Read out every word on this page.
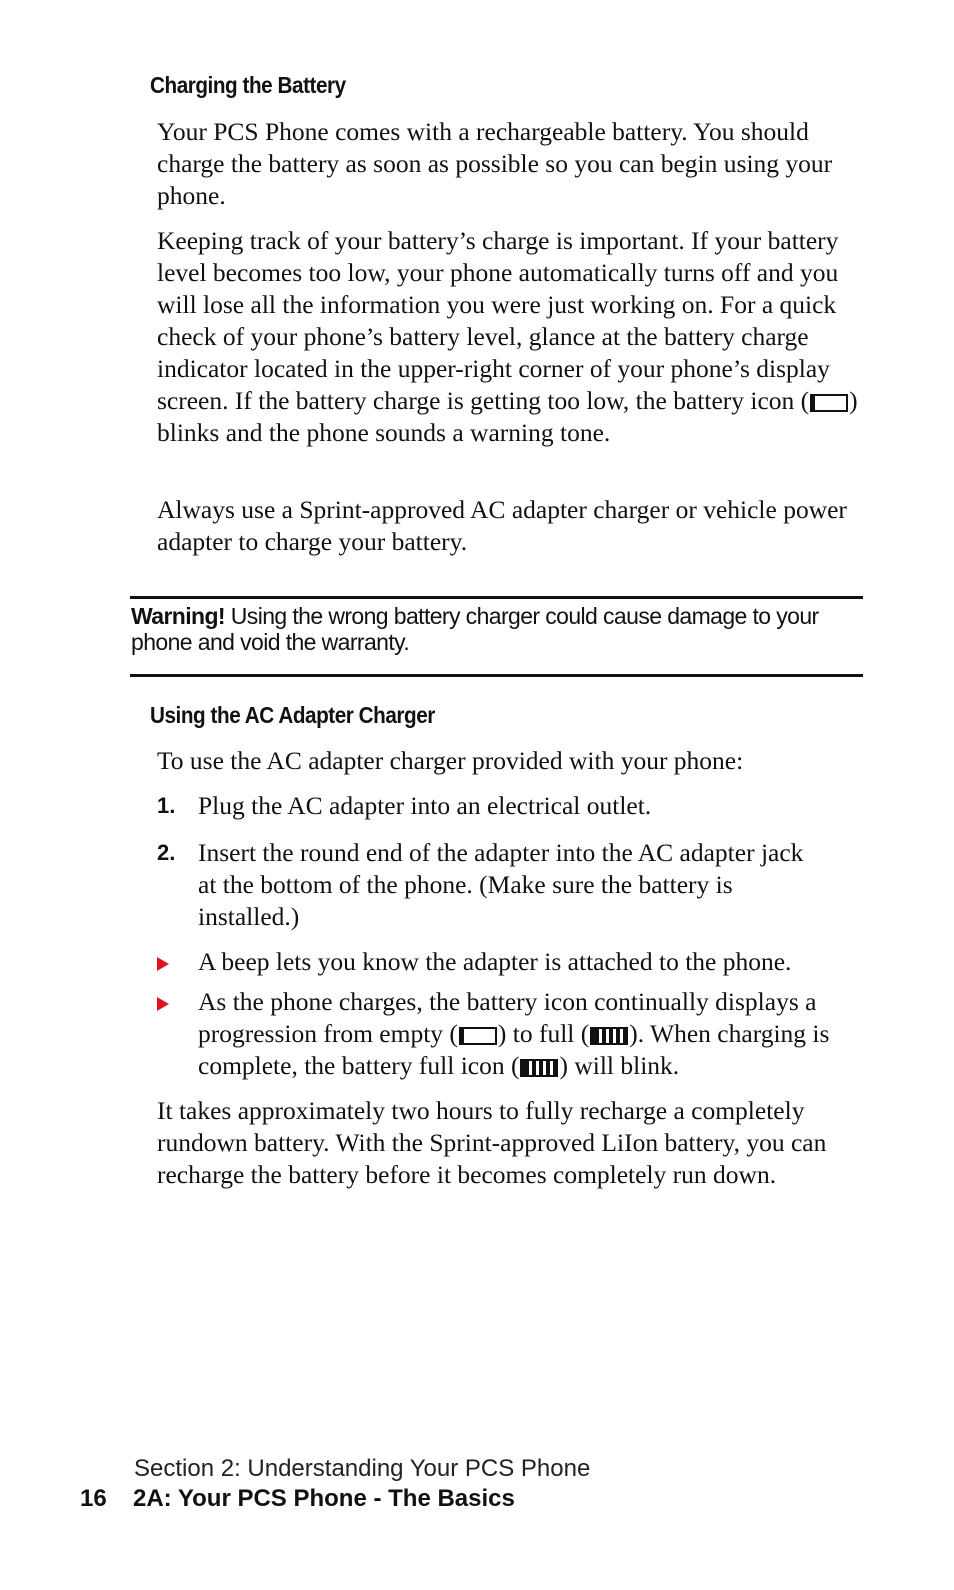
Charging the Battery

Your PCS Phone comes with a rechargeable battery. You should charge the battery as soon as possible so you can begin using your phone.

Keeping track of your battery’s charge is important. If your battery level becomes too low, your phone automatically turns off and you will lose all the information you were just working on. For a quick check of your phone’s battery level, glance at the battery charge indicator located in the upper-right corner of your phone’s display screen. If the battery charge is getting too low, the battery icon ( ) blinks and the phone sounds a warning tone.

Always use a Sprint-approved AC adapter charger or vehicle power adapter to charge your battery.

Warning! Using the wrong battery charger could cause damage to your phone and void the warranty.
Using the AC Adapter Charger

To use the AC adapter charger provided with your phone:

1. Plug the AC adapter into an electrical outlet.
2. Insert the round end of the adapter into the AC adapter jack at the bottom of the phone. (Make sure the battery is installed.)
A beep lets you know the adapter is attached to the phone.
As the phone charges, the battery icon continually displays a progression from empty ( ) to full ( ). When charging is complete, the battery full icon ( ) will blink.

It takes approximately two hours to fully recharge a completely rundown battery. With the Sprint-approved LiIon battery, you can recharge the battery before it becomes completely run down.

Section 2: Understanding Your PCS Phone
16 2A: Your PCS Phone - The Basics
